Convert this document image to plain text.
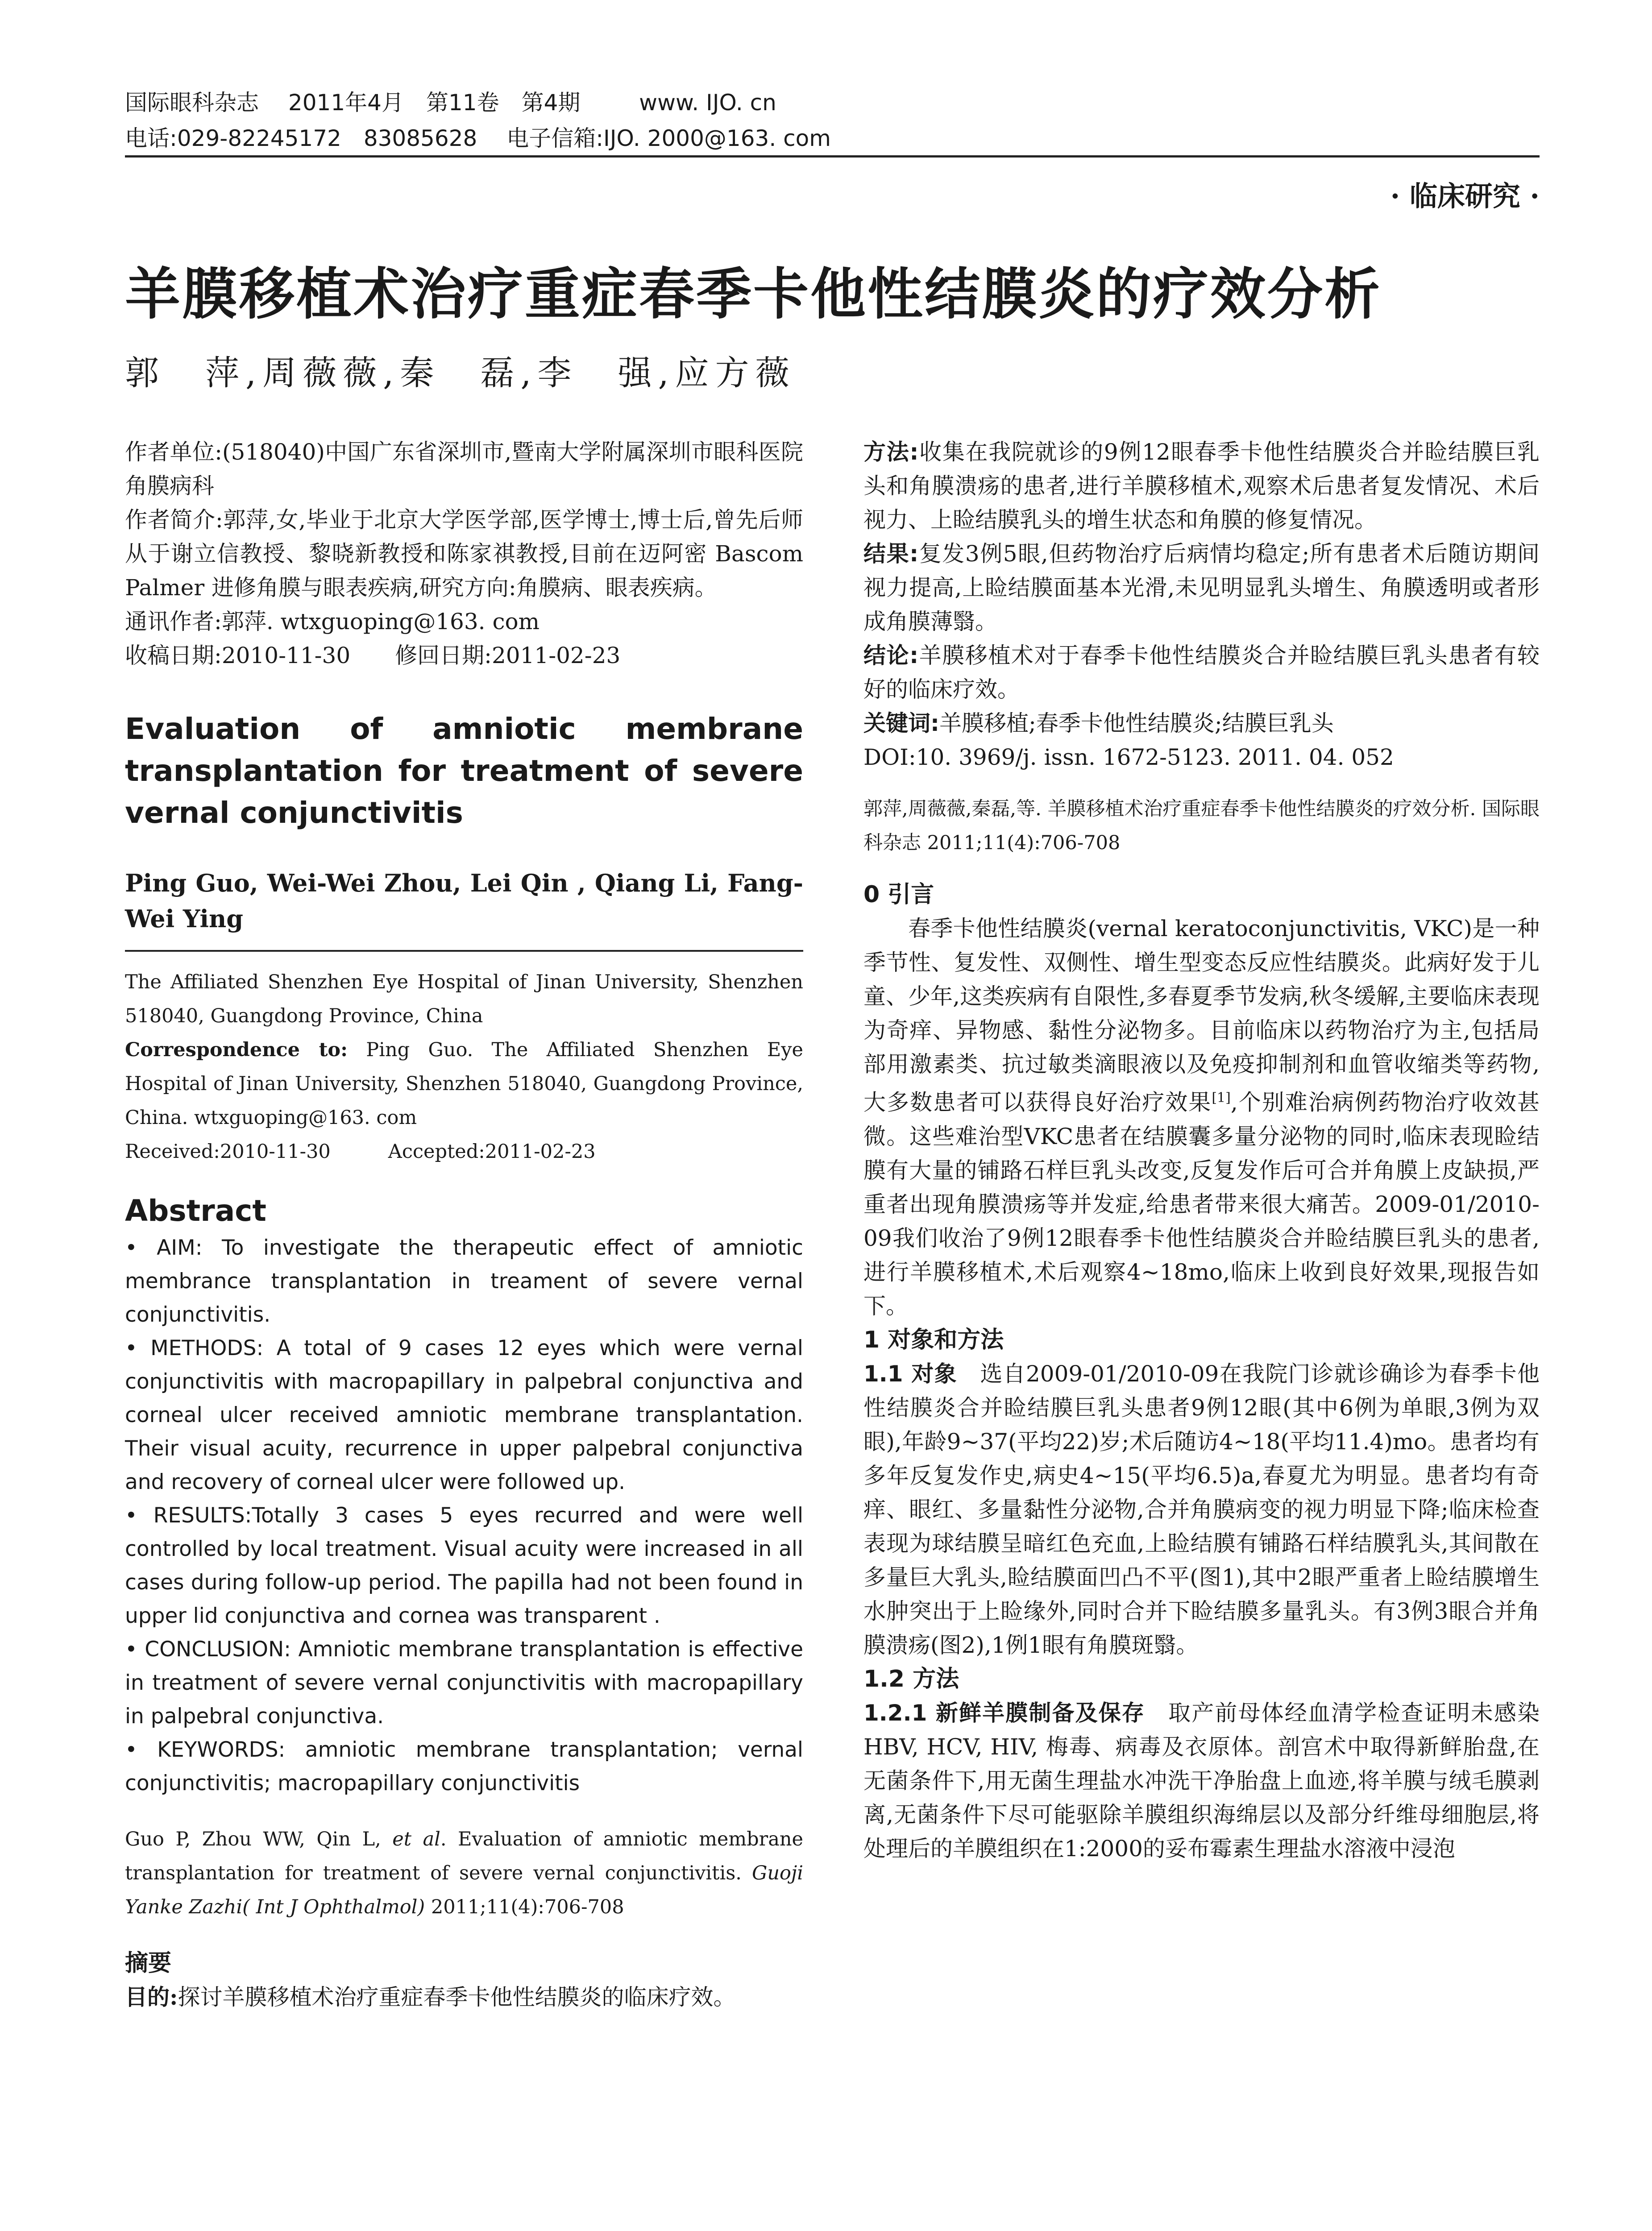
国际眼科杂志　 2011年4月　第11卷　第4期　 　 www. IJO. cn
电话:029-82245172　83085628　 电子信箱:IJO. 2000@163. com
· 临床研究 ·
羊膜移植术治疗重症春季卡他性结膜炎的疗效分析
郭　萍,周薇薇,秦　磊,李　强,应方薇

作者单位:(518040)中国广东省深圳市,暨南大学附属深圳市眼科医院角膜病科

作者简介:郭萍,女,毕业于北京大学医学部,医学博士,博士后,曾先后师从于谢立信教授、黎晓新教授和陈家祺教授,目前在迈阿密 Bascom Palmer 进修角膜与眼表疾病,研究方向:角膜病、眼表疾病。

通讯作者:郭萍. wtxguoping@163. com

收稿日期:2010-11-30　　修回日期:2011-02-23

Evaluation of amniotic membrane transplantation for treatment of severe vernal conjunctivitis

Ping Guo, Wei-Wei Zhou, Lei Qin , Qiang Li, Fang-Wei Ying

The Affiliated Shenzhen Eye Hospital of Jinan University, Shenzhen 518040, Guangdong Province, China

Correspondence to: Ping Guo. The Affiliated Shenzhen Eye Hospital of Jinan University, Shenzhen 518040, Guangdong Province, China. wtxguoping@163. com

Received:2010-11-30　　　Accepted:2011-02-23

Abstract

• AIM: To investigate the therapeutic effect of amniotic membrance transplantation in treament of severe vernal conjunctivitis.

• METHODS: A total of 9 cases 12 eyes which were vernal conjunctivitis with macropapillary in palpebral conjunctiva and corneal ulcer received amniotic membrane transplantation. Their visual acuity, recurrence in upper palpebral conjunctiva and recovery of corneal ulcer were followed up.

• RESULTS:Totally 3 cases 5 eyes recurred and were well controlled by local treatment. Visual acuity were increased in all cases during follow-up period. The papilla had not been found in upper lid conjunctiva and cornea was transparent .

• CONCLUSION: Amniotic membrane transplantation is effective in treatment of severe vernal conjunctivitis with macropapillary in palpebral conjunctiva.

• KEYWORDS: amniotic membrane transplantation; vernal conjunctivitis; macropapillary conjunctivitis

Guo P, Zhou WW, Qin L, et al. Evaluation of amniotic membrane transplantation for treatment of severe vernal conjunctivitis. Guoji Yanke Zazhi( Int J Ophthalmol) 2011;11(4):706-708

摘要

目的:探讨羊膜移植术治疗重症春季卡他性结膜炎的临床疗效。

方法:收集在我院就诊的9例12眼春季卡他性结膜炎合并睑结膜巨乳头和角膜溃疡的患者,进行羊膜移植术,观察术后患者复发情况、术后视力、上睑结膜乳头的增生状态和角膜的修复情况。

结果:复发3例5眼,但药物治疗后病情均稳定;所有患者术后随访期间视力提高,上睑结膜面基本光滑,未见明显乳头增生、角膜透明或者形成角膜薄翳。

结论:羊膜移植术对于春季卡他性结膜炎合并睑结膜巨乳头患者有较好的临床疗效。

关键词:羊膜移植;春季卡他性结膜炎;结膜巨乳头

DOI:10. 3969/j. issn. 1672-5123. 2011. 04. 052

郭萍,周薇薇,秦磊,等. 羊膜移植术治疗重症春季卡他性结膜炎的疗效分析. 国际眼科杂志 2011;11(4):706-708

0 引言

春季卡他性结膜炎(vernal keratoconjunctivitis, VKC)是一种季节性、复发性、双侧性、增生型变态反应性结膜炎。此病好发于儿童、少年,这类疾病有自限性,多春夏季节发病,秋冬缓解,主要临床表现为奇痒、异物感、黏性分泌物多。目前临床以药物治疗为主,包括局部用激素类、抗过敏类滴眼液以及免疫抑制剂和血管收缩类等药物,大多数患者可以获得良好治疗效果[1],个别难治病例药物治疗收效甚微。这些难治型VKC患者在结膜囊多量分泌物的同时,临床表现睑结膜有大量的铺路石样巨乳头改变,反复发作后可合并角膜上皮缺损,严重者出现角膜溃疡等并发症,给患者带来很大痛苦。2009-01/2010-09我们收治了9例12眼春季卡他性结膜炎合并睑结膜巨乳头的患者,进行羊膜移植术,术后观察4~18mo,临床上收到良好效果,现报告如下。

1 对象和方法

1.1 对象　选自2009-01/2010-09在我院门诊就诊确诊为春季卡他性结膜炎合并睑结膜巨乳头患者9例12眼(其中6例为单眼,3例为双眼),年龄9~37(平均22)岁;术后随访4~18(平均11.4)mo。患者均有多年反复发作史,病史4~15(平均6.5)a,春夏尤为明显。患者均有奇痒、眼红、多量黏性分泌物,合并角膜病变的视力明显下降;临床检查表现为球结膜呈暗红色充血,上睑结膜有铺路石样结膜乳头,其间散在多量巨大乳头,睑结膜面凹凸不平(图1),其中2眼严重者上睑结膜增生水肿突出于上睑缘外,同时合并下睑结膜多量乳头。有3例3眼合并角膜溃疡(图2),1例1眼有角膜斑翳。

1.2 方法

1.2.1 新鲜羊膜制备及保存　取产前母体经血清学检查证明未感染HBV, HCV, HIV, 梅毒、病毒及衣原体。剖宫术中取得新鲜胎盘,在无菌条件下,用无菌生理盐水冲洗干净胎盘上血迹,将羊膜与绒毛膜剥离,无菌条件下尽可能驱除羊膜组织海绵层以及部分纤维母细胞层,将处理后的羊膜组织在1:2000的妥布霉素生理盐水溶液中浸泡
